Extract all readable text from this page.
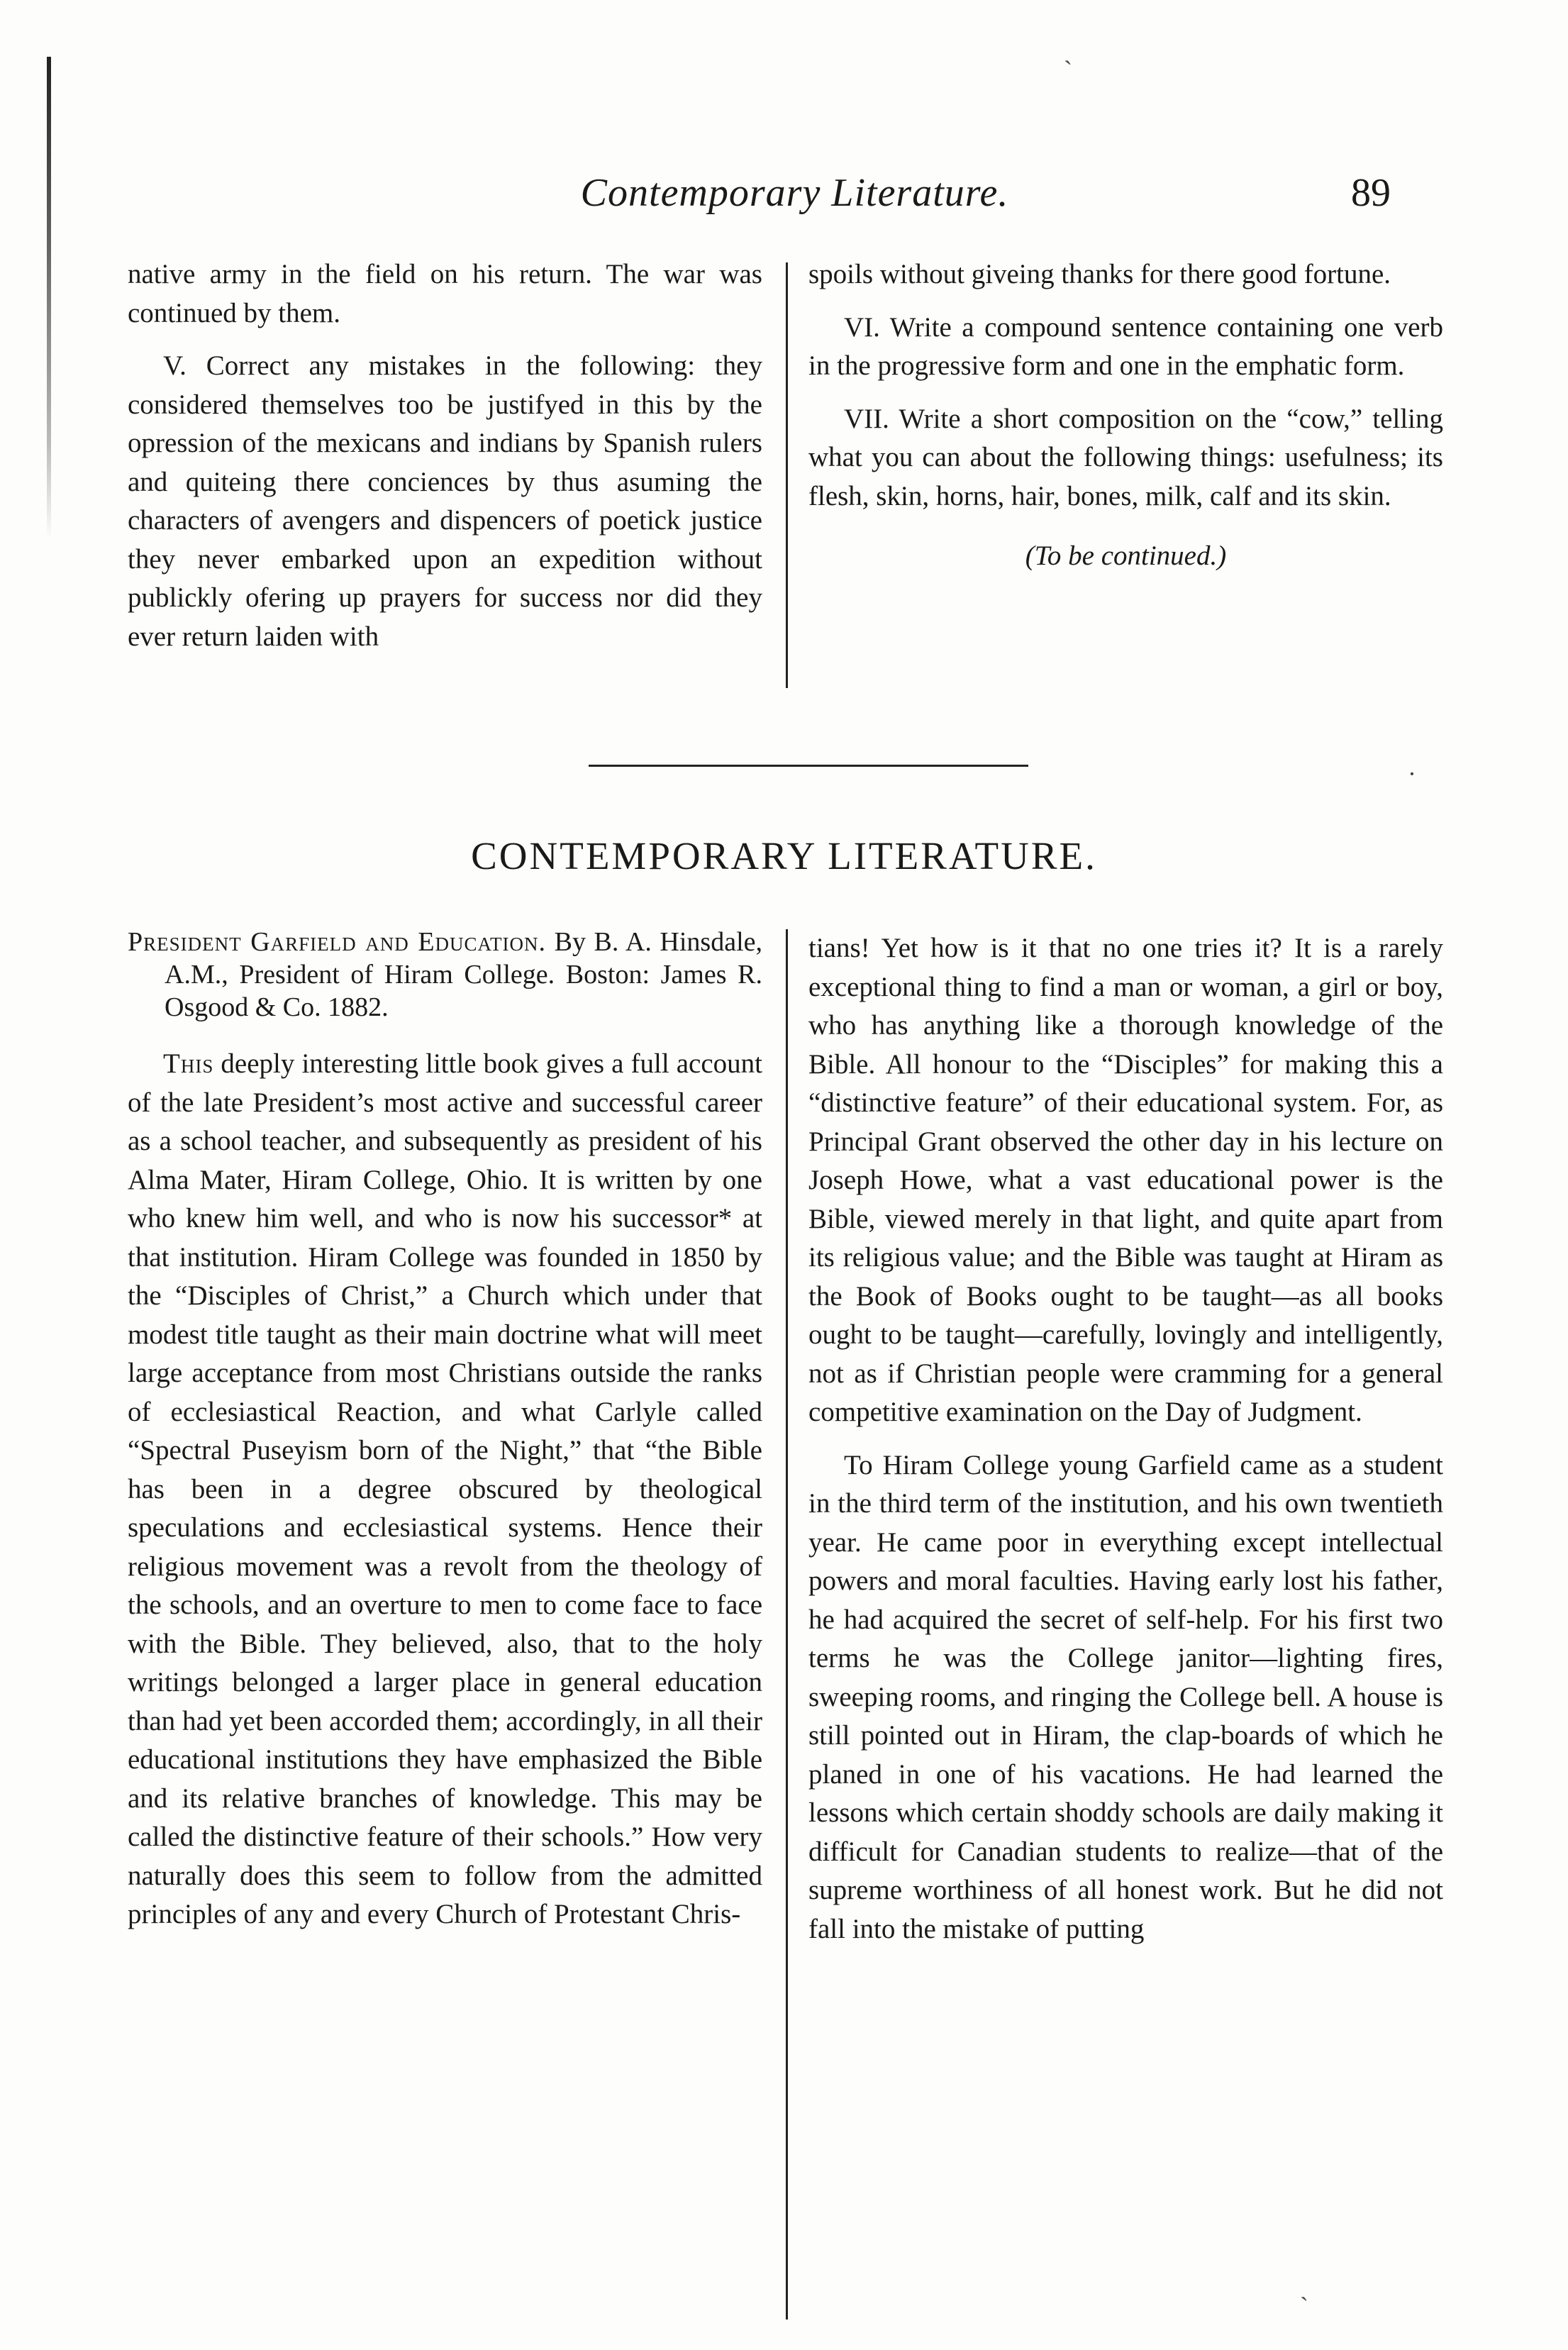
ˏ
·
ˋ
Contemporary Literature.	89

native army in the field on his return. The war was continued by them.

V. Correct any mistakes in the following: they considered themselves too be justifyed in this by the opression of the mexicans and indians by Spanish rulers and quiteing there conciences by thus asuming the characters of avengers and dispencers of poetick justice they never embarked upon an expedition without publickly ofering up prayers for success nor did they ever return laiden with

spoils without giveing thanks for there good fortune.

VI. Write a compound sentence containing one verb in the progressive form and one in the emphatic form.

VII. Write a short composition on the “cow,” telling what you can about the following things: usefulness; its flesh, skin, horns, hair, bones, milk, calf and its skin.

(To be continued.)

CONTEMPORARY LITERATURE.

President Garfield and Education. By B. A. Hinsdale, A.M., President of Hiram College. Boston: James R. Osgood & Co. 1882.

This deeply interesting little book gives a full account of the late President’s most active and successful career as a school teacher, and subsequently as president of his Alma Mater, Hiram College, Ohio. It is written by one who knew him well, and who is now his successor* at that institution. Hiram College was founded in 1850 by the “Disciples of Christ,” a Church which under that modest title taught as their main doctrine what will meet large acceptance from most Christians outside the ranks of ecclesiastical Reaction, and what Carlyle called “Spectral Puseyism born of the Night,” that “the Bible has been in a degree obscured by theological speculations and ecclesiastical systems. Hence their religious movement was a revolt from the theology of the schools, and an overture to men to come face to face with the Bible. They believed, also, that to the holy writings belonged a larger place in general education than had yet been accorded them; accordingly, in all their educational institutions they have emphasized the Bible and its relative branches of knowledge. This may be called the distinctive feature of their schools.” How very naturally does this seem to follow from the admitted principles of any and every Church of Protestant Chris-

tians! Yet how is it that no one tries it? It is a rarely exceptional thing to find a man or woman, a girl or boy, who has anything like a thorough knowledge of the Bible. All honour to the “Disciples” for making this a “distinctive feature” of their educational system. For, as Principal Grant observed the other day in his lecture on Joseph Howe, what a vast educational power is the Bible, viewed merely in that light, and quite apart from its religious value; and the Bible was taught at Hiram as the Book of Books ought to be taught—as all books ought to be taught—carefully, lovingly and intelligently, not as if Christian people were cramming for a general competitive examination on the Day of Judgment.

To Hiram College young Garfield came as a student in the third term of the institution, and his own twentieth year. He came poor in everything except intellectual powers and moral faculties. Having early lost his father, he had acquired the secret of self-help. For his first two terms he was the College janitor—lighting fires, sweeping rooms, and ringing the College bell. A house is still pointed out in Hiram, the clap-boards of which he planed in one of his vacations. He had learned the lessons which certain shoddy schools are daily making it difficult for Canadian students to realize—that of the supreme worthiness of all honest work. But he did not fall into the mistake of putting
